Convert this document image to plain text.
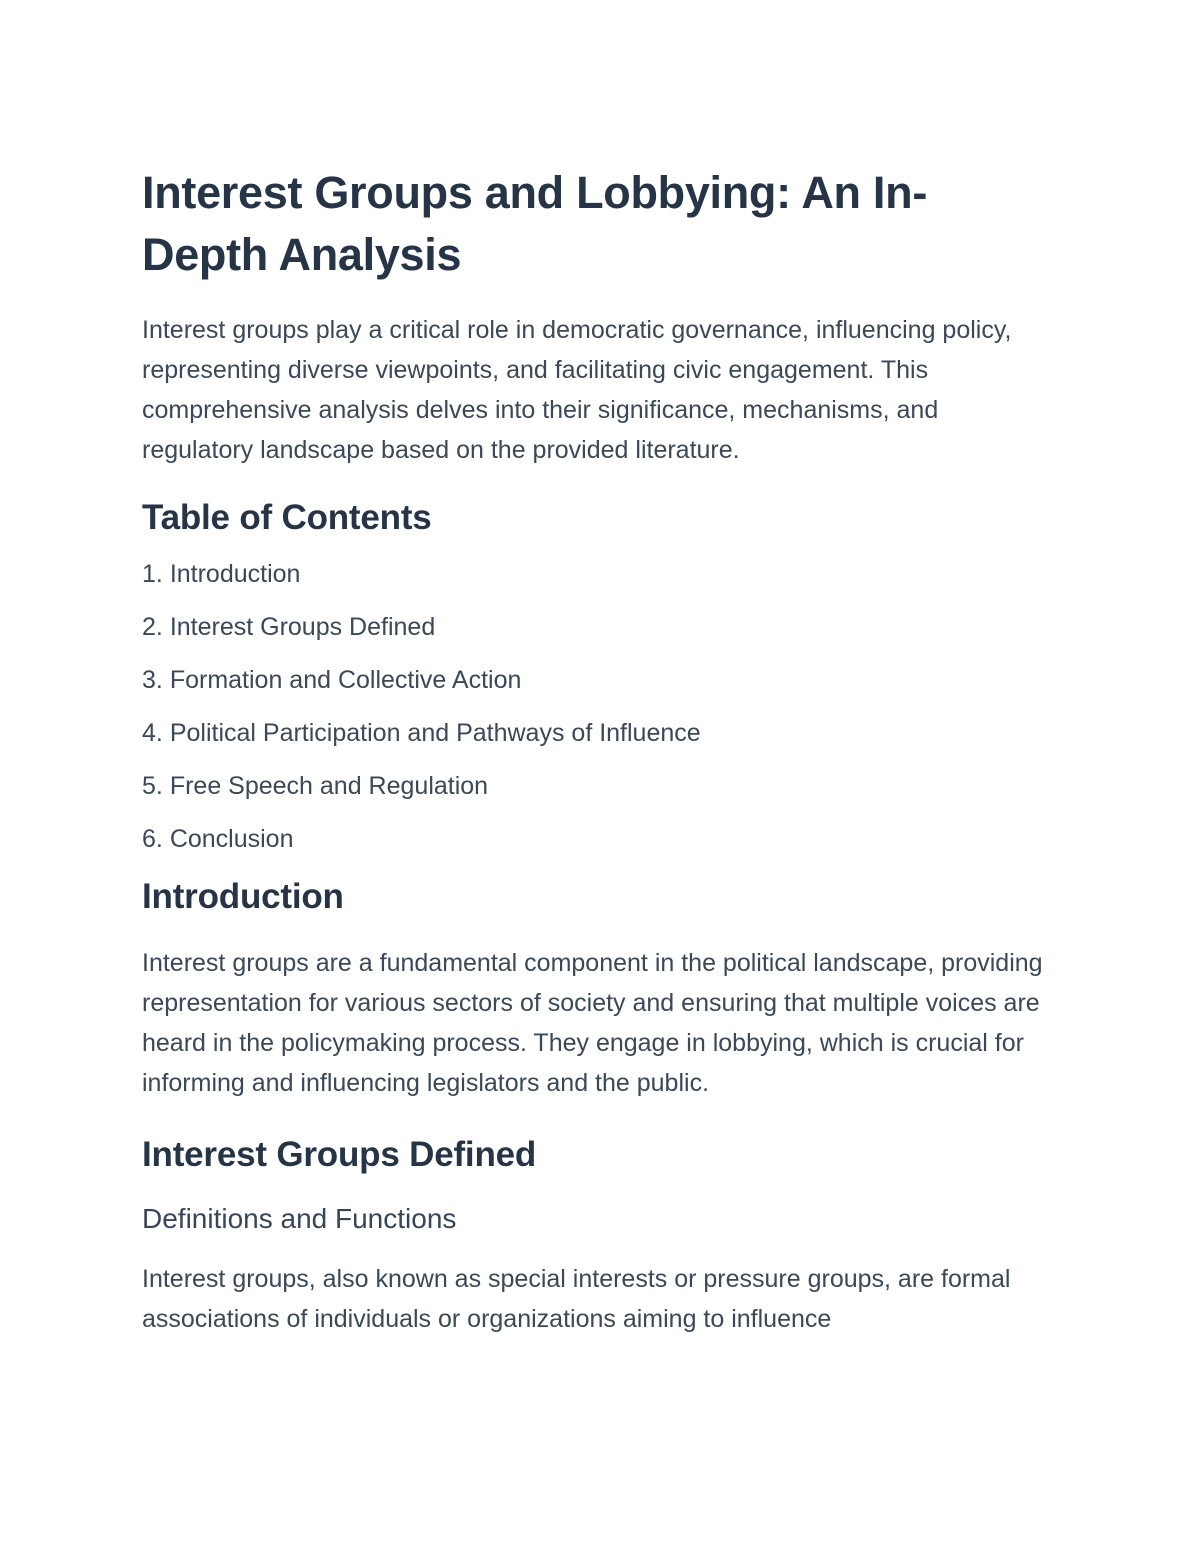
Interest Groups and Lobbying: An In-Depth Analysis

Interest groups play a critical role in democratic governance, influencing policy, representing diverse viewpoints, and facilitating civic engagement. This comprehensive analysis delves into their significance, mechanisms, and regulatory landscape based on the provided literature.

Table of Contents
1. Introduction
2. Interest Groups Defined
3. Formation and Collective Action
4. Political Participation and Pathways of Influence
5. Free Speech and Regulation
6. Conclusion
Introduction

Interest groups are a fundamental component in the political landscape, providing representation for various sectors of society and ensuring that multiple voices are heard in the policymaking process. They engage in lobbying, which is crucial for informing and influencing legislators and the public.

Interest Groups Defined
Definitions and Functions

Interest groups, also known as special interests or pressure groups, are formal associations of individuals or organizations aiming to influence
